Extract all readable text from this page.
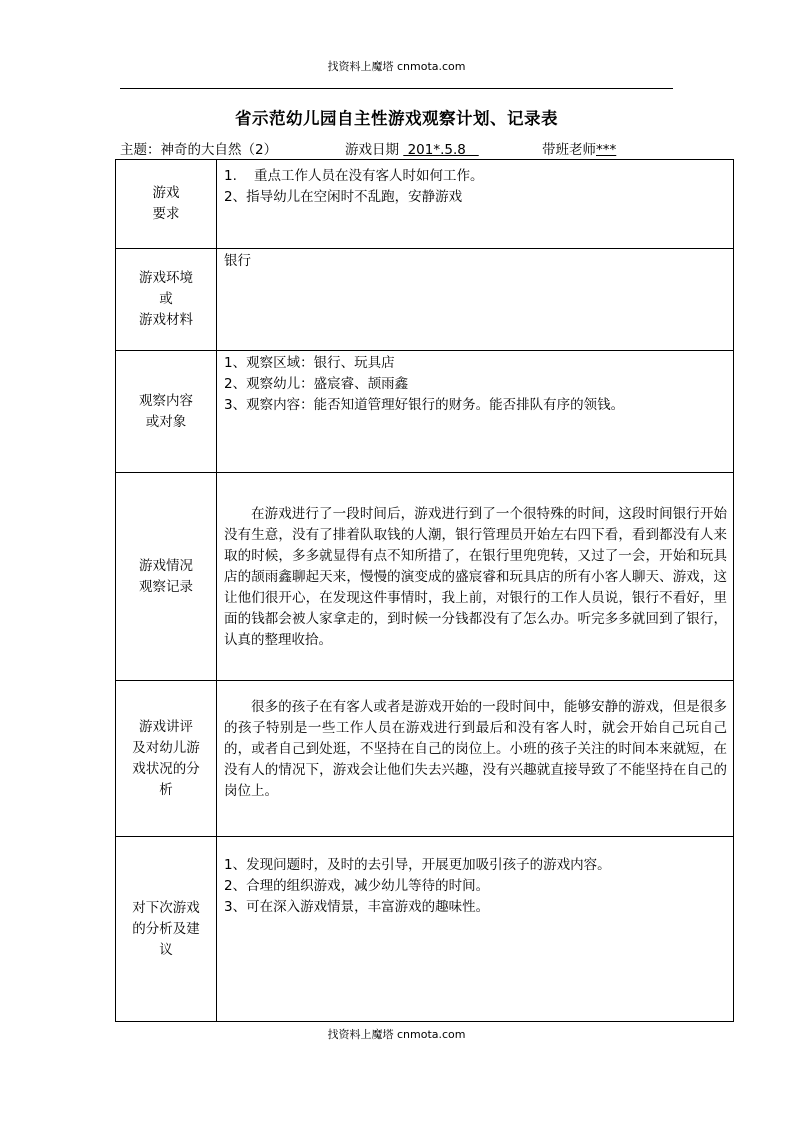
找资料上魔塔 cnmota.com
省示范幼儿园自主性游戏观察计划、记录表
主题：神奇的大自然（2）	游戏日期  201*.5.8	带班老师***
游戏
要求	1.    重点工作人员在没有客人时如何工作。
2、指导幼儿在空闲时不乱跑，安静游戏

游戏环境
或
游戏材料	银行

观察内容
或对象	1、观察区域：银行、玩具店
2、观察幼儿：盛宸睿、颉雨鑫
3、观察内容：能否知道管理好银行的财务。能否排队有序的领钱。

游戏情况
观察记录	在游戏进行了一段时间后，游戏进行到了一个很特殊的时间，这段时间银行开始没有生意，没有了排着队取钱的人潮，银行管理员开始左右四下看，看到都没有人来取的时候，多多就显得有点不知所措了，在银行里兜兜转，又过了一会，开始和玩具店的颉雨鑫聊起天来，慢慢的演变成的盛宸睿和玩具店的所有小客人聊天、游戏，这让他们很开心，在发现这件事情时，我上前，对银行的工作人员说，银行不看好，里面的钱都会被人家拿走的，到时候一分钱都没有了怎么办。听完多多就回到了银行，认真的整理收拾。

游戏讲评
及对幼儿游
戏状况的分
析	很多的孩子在有客人或者是游戏开始的一段时间中，能够安静的游戏，但是很多的孩子特别是一些工作人员在游戏进行到最后和没有客人时，就会开始自己玩自己的，或者自己到处逛，不坚持在自己的岗位上。小班的孩子关注的时间本来就短，在没有人的情况下，游戏会让他们失去兴趣，没有兴趣就直接导致了不能坚持在自己的岗位上。

对下次游戏
的分析及建
议	1、发现问题时，及时的去引导，开展更加吸引孩子的游戏内容。
2、合理的组织游戏，减少幼儿等待的时间。
3、可在深入游戏情景，丰富游戏的趣味性。
找资料上魔塔 cnmota.com
